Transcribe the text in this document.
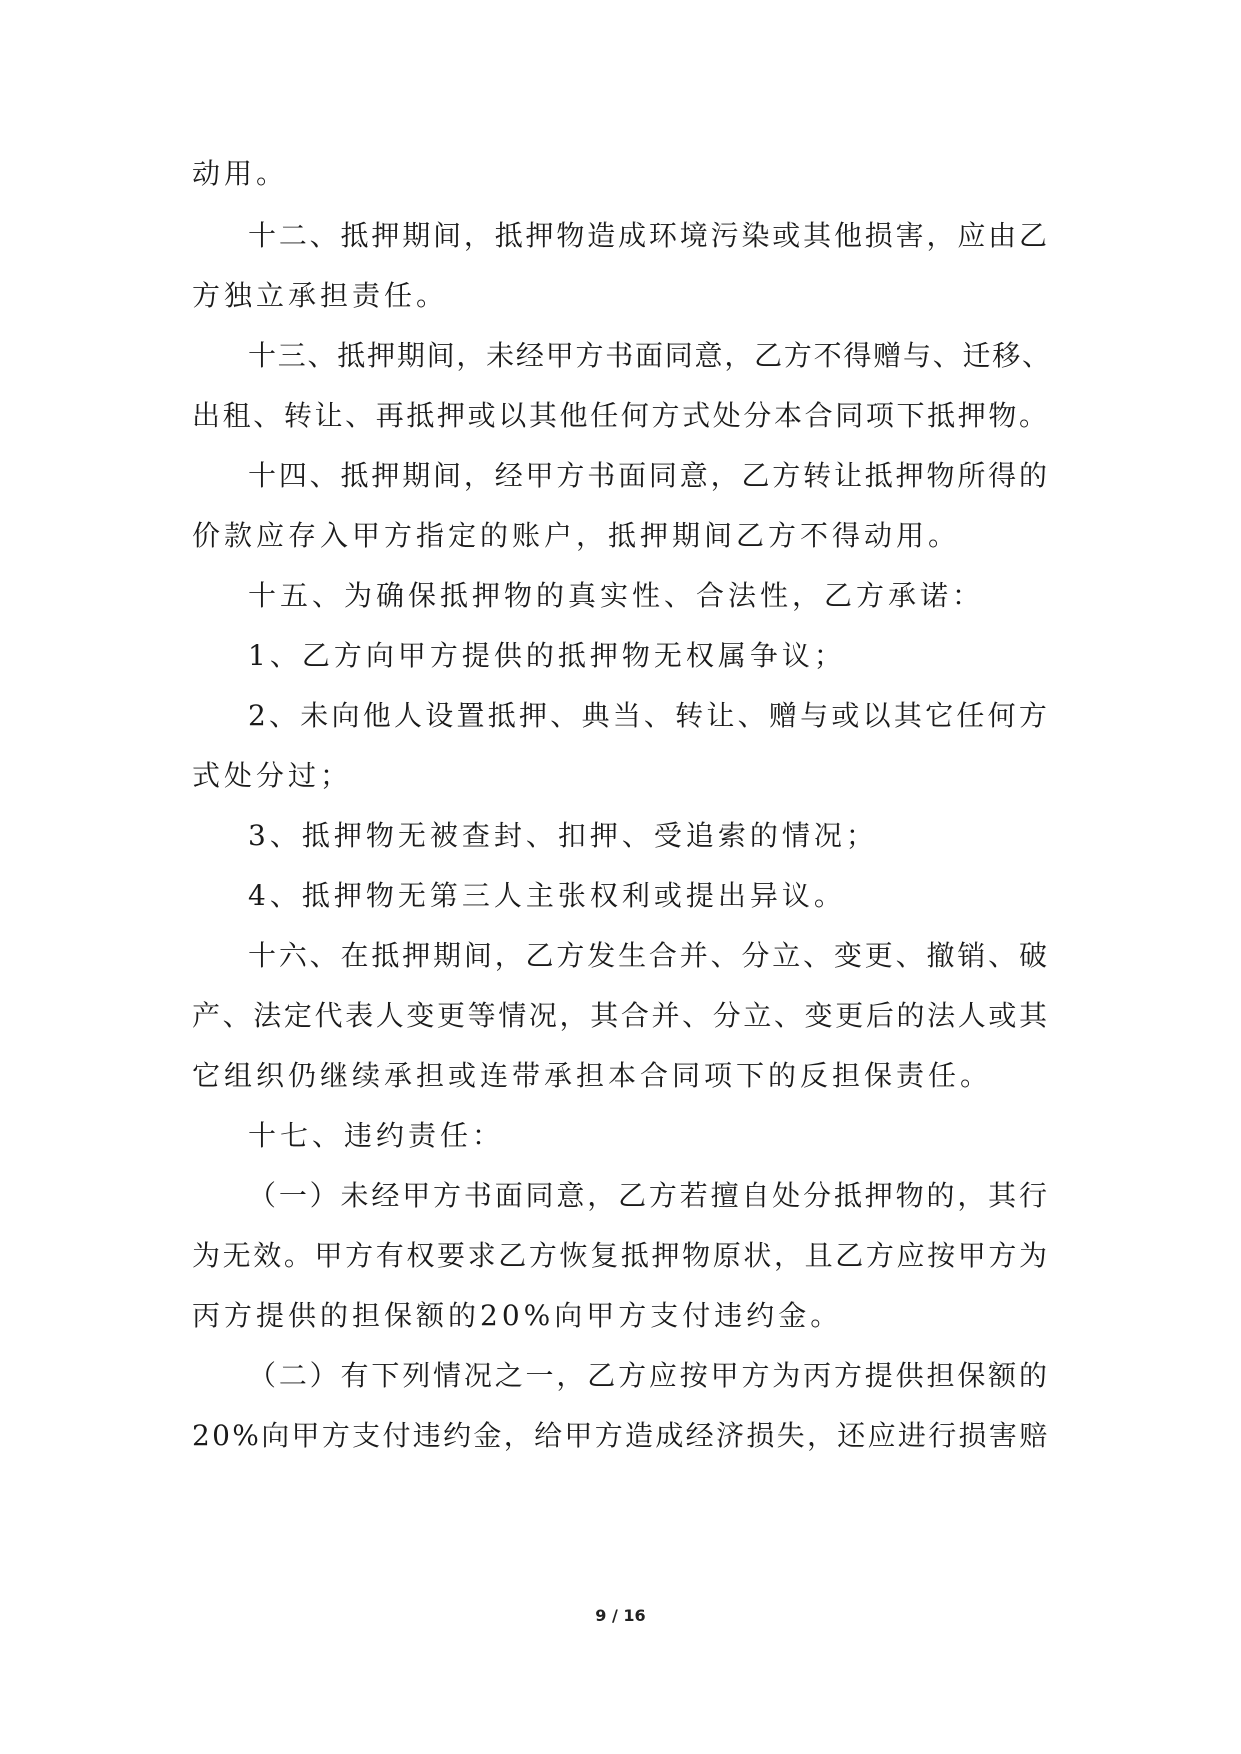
动用。
十二、抵押期间，抵押物造成环境污染或其他损害，应由乙
方独立承担责任。
十三、抵押期间，未经甲方书面同意，乙方不得赠与、迁移、
出租、转让、再抵押或以其他任何方式处分本合同项下抵押物。
十四、抵押期间，经甲方书面同意，乙方转让抵押物所得的
价款应存入甲方指定的账户，抵押期间乙方不得动用。
十五、为确保抵押物的真实性、合法性，乙方承诺：
1、乙方向甲方提供的抵押物无权属争议；
2、未向他人设置抵押、典当、转让、赠与或以其它任何方
式处分过；
3、抵押物无被查封、扣押、受追索的情况；
4、抵押物无第三人主张权利或提出异议。
十六、在抵押期间，乙方发生合并、分立、变更、撤销、破
产、法定代表人变更等情况，其合并、分立、变更后的法人或其
它组织仍继续承担或连带承担本合同项下的反担保责任。
十七、违约责任：
（一）未经甲方书面同意，乙方若擅自处分抵押物的，其行
为无效。甲方有权要求乙方恢复抵押物原状，且乙方应按甲方为
丙方提供的担保额的20%向甲方支付违约金。
（二）有下列情况之一，乙方应按甲方为丙方提供担保额的
20%向甲方支付违约金，给甲方造成经济损失，还应进行损害赔
9 / 16
